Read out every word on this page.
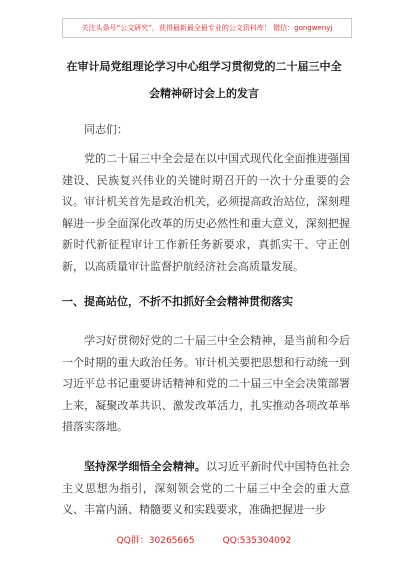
关注头条号“公文研究”，获得最新最全最专业的公文资料库！ 微信：gongwenyj
在审计局党组理论学习中心组学习贯彻党的二十届三中全
会精神研讨会上的发言
同志们：
党的二十届三中全会是在以中国式现代化全面推进强国建设、民族复兴伟业的关键时期召开的一次十分重要的会议。审计机关首先是政治机关，必须提高政治站位，深刻理解进一步全面深化改革的历史必然性和重大意义，深刻把握新时代新征程审计工作新任务新要求，真抓实干、守正创新，以高质量审计监督护航经济社会高质量发展。
一、提高站位，不折不扣抓好全会精神贯彻落实
学习好贯彻好党的二十届三中全会精神，是当前和今后一个时期的重大政治任务。审计机关要把思想和行动统一到习近平总书记重要讲话精神和党的二十届三中全会决策部署上来，凝聚改革共识、激发改革活力，扎实推动各项改革举措落实落地。
坚持深学细悟全会精神。以习近平新时代中国特色社会主义思想为指引，深刻领会党的二十届三中全会的重大意义、丰富内涵、精髓要义和实践要求，准确把握进一步
QQ群：30265665	QQ:535304092
